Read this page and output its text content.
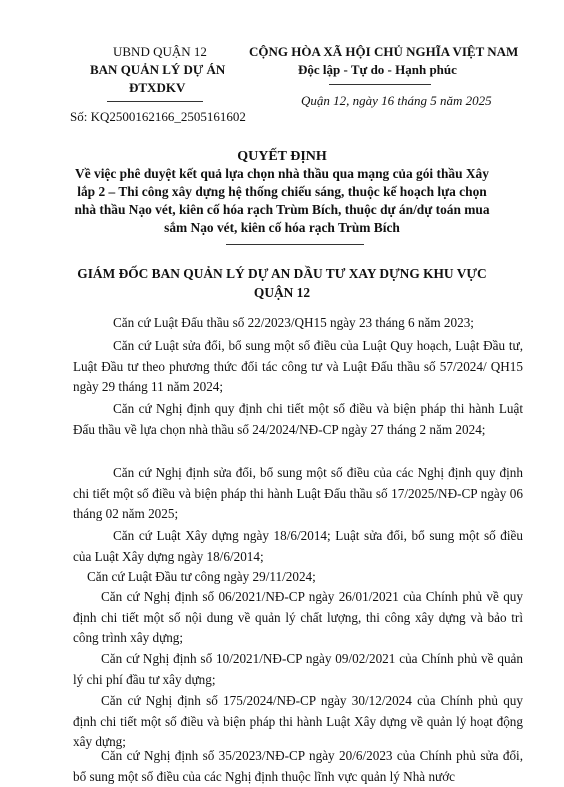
UBND QUẬN 12
BAN QUẢN LÝ DỰ ÁN
ĐTXDKV
Số: KQ2500162166_2505161602
CỘNG HÒA XÃ HỘI CHỦ NGHĨA VIỆT NAM
Độc lập - Tự do - Hạnh phúc
Quận 12, ngày 16 tháng 5 năm 2025
QUYẾT ĐỊNH
Về việc phê duyệt kết quả lựa chọn nhà thầu qua mạng của gói thầu Xây
lắp 2 – Thi công xây dựng hệ thống chiếu sáng, thuộc kế hoạch lựa chọn
nhà thầu Nạo vét, kiên cố hóa rạch Trùm Bích, thuộc dự án/dự toán mua
sắm Nạo vét, kiên cố hóa rạch Trùm Bích
GIÁM ĐỐC BAN QUẢN LÝ DỰ AN DẦU TƯ XAY DỰNG KHU VỰC
QUẬN 12
Căn cứ Luật Đấu thầu số 22/2023/QH15 ngày 23 tháng 6 năm 2023;
Căn cứ Luật sửa đổi, bổ sung một số điều của Luật Quy hoạch, Luật Đầu tư, Luật Đầu tư theo phương thức đối tác công tư và Luật Đấu thầu số 57/2024/ QH15 ngày 29 tháng 11 năm 2024;
Căn cứ Nghị định quy định chi tiết một số điều và biện pháp thi hành Luật Đấu thầu về lựa chọn nhà thầu số 24/2024/NĐ-CP ngày 27 tháng 2 năm 2024;
Căn cứ Nghị định sửa đổi, bổ sung một số điều của các Nghị định quy định chi tiết một số điều và biện pháp thi hành Luật Đấu thầu số 17/2025/NĐ-CP ngày 06 tháng 02 năm 2025;
Căn cứ Luật Xây dựng ngày 18/6/2014; Luật sửa đổi, bổ sung một số điều của Luật Xây dựng ngày 18/6/2014;
Căn cứ Luật Đầu tư công ngày 29/11/2024;
Căn cứ Nghị định số 06/2021/NĐ-CP ngày 26/01/2021 của Chính phủ về quy định chi tiết một số nội dung về quản lý chất lượng, thi công xây dựng và bảo trì công trình xây dựng;
Căn cứ Nghị định số 10/2021/NĐ-CP ngày 09/02/2021 của Chính phủ về quản lý chi phí đầu tư xây dựng;
Căn cứ Nghị định số 175/2024/NĐ-CP ngày 30/12/2024 của Chính phủ quy định chi tiết một số điều và biện pháp thi hành Luật Xây dựng về quản lý hoạt động xây dựng;
Căn cứ Nghị định số 35/2023/NĐ-CP ngày 20/6/2023 của Chính phủ sửa đổi, bổ sung một số điều của các Nghị định thuộc lĩnh vực quản lý Nhà nước
